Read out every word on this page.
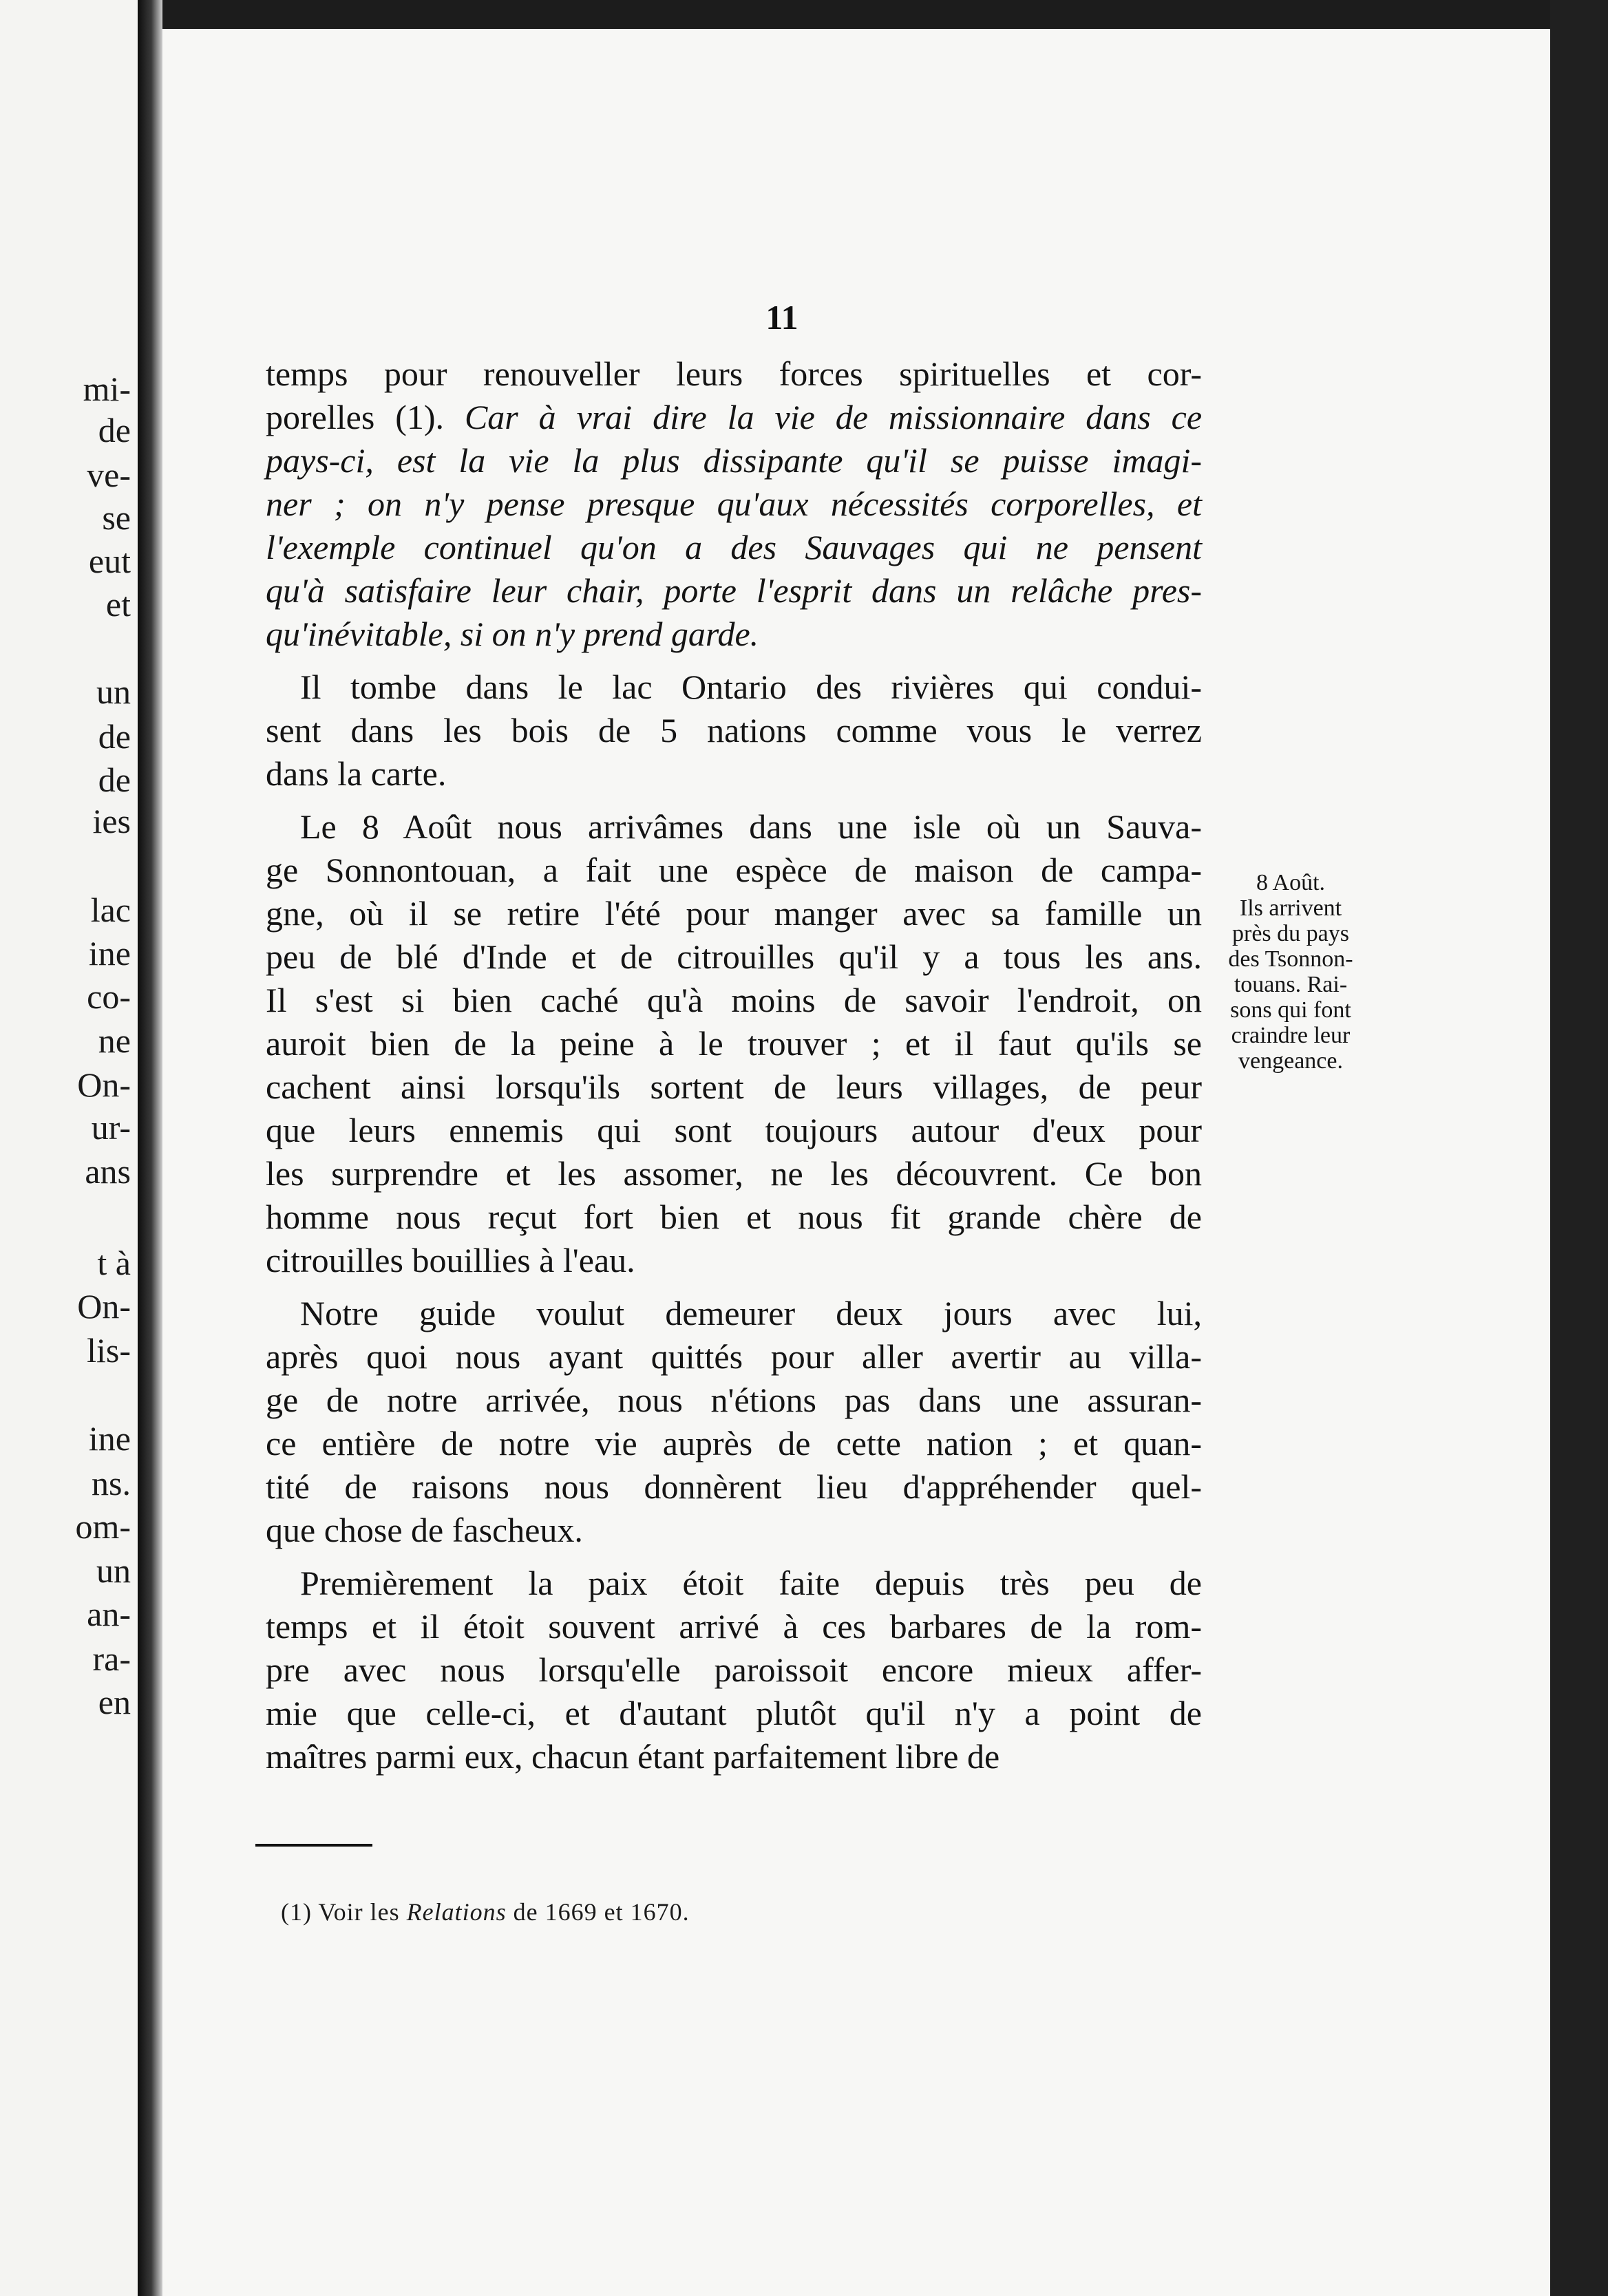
mi-
de
ve-
se
eut
et
un
de
de
ies
lac
ine
co-
ne
On-
ur-
ans
t à
On-
lis-
ine
ns.
om-
un
an-
ra-
en
11
temps pour renouveller leurs forces spirituelles et cor-
porelles (1). Car à vrai dire la vie de missionnaire dans ce
pays-ci, est la vie la plus dissipante qu'il se puisse imagi-
ner ; on n'y pense presque qu'aux nécessités corporelles, et
l'exemple continuel qu'on a des Sauvages qui ne pensent
qu'à satisfaire leur chair, porte l'esprit dans un relâche pres-
qu'inévitable, si on n'y prend garde.
Il tombe dans le lac Ontario des rivières qui condui-
sent dans les bois de 5 nations comme vous le verrez
dans la carte.
Le 8 Août nous arrivâmes dans une isle où un Sauva-
ge Sonnontouan, a fait une espèce de maison de campa-
gne, où il se retire l'été pour manger avec sa famille un
peu de blé d'Inde et de citrouilles qu'il y a tous les ans.
Il s'est si bien caché qu'à moins de savoir l'endroit, on
auroit bien de la peine à le trouver ; et il faut qu'ils se
cachent ainsi lorsqu'ils sortent de leurs villages, de peur
que leurs ennemis qui sont toujours autour d'eux pour
les surprendre et les assomer, ne les découvrent. Ce bon
homme nous reçut fort bien et nous fit grande chère de
citrouilles bouillies à l'eau.
Notre guide voulut demeurer deux jours avec lui,
après quoi nous ayant quittés pour aller avertir au villa-
ge de notre arrivée, nous n'étions pas dans une assuran-
ce entière de notre vie auprès de cette nation ; et quan-
tité de raisons nous donnèrent lieu d'appréhender quel-
que chose de fascheux.
Premièrement la paix étoit faite depuis très peu de
temps et il étoit souvent arrivé à ces barbares de la rom-
pre avec nous lorsqu'elle paroissoit encore mieux affer-
mie que celle-ci, et d'autant plutôt qu'il n'y a point de
maîtres parmi eux, chacun étant parfaitement libre de
8 Août.
Ils arrivent
près du pays
des Tsonnon-
touans. Rai-
sons qui font
craindre leur
vengeance.
(1) Voir les Relations de 1669 et 1670.
